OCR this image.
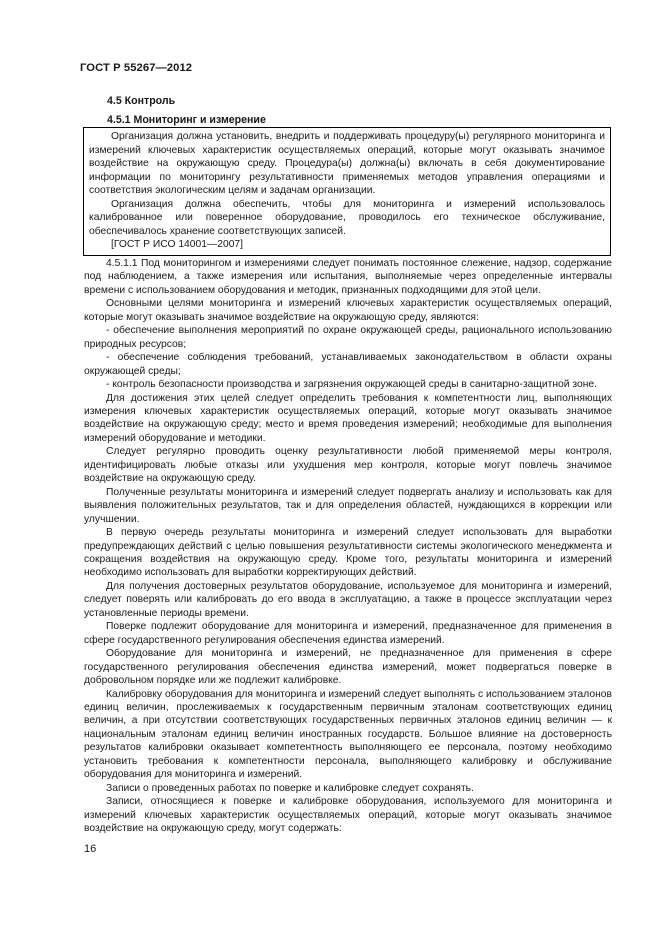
ГОСТ Р 55267—2012
4.5 Контроль
4.5.1 Мониторинг и измерение

Организация должна установить, внедрить и поддерживать процедуру(ы) регулярного мониторинга и измерений ключевых характеристик осуществляемых операций, которые могут оказывать значимое воздействие на окружающую среду. Процедура(ы) должна(ы) включать в себя документирование информации по мониторингу результативности применяемых методов управления операциями и соответствия экологическим целям и задачам организации.

Организация должна обеспечить, чтобы для мониторинга и измерений использовалось калиброванное или поверенное оборудование, проводилось его техническое обслуживание, обеспечивалось хранение соответствующих записей.

[ГОСТ Р ИСО 14001—2007]

4.5.1.1 Под мониторингом и измерениями следует понимать постоянное слежение, надзор, содержание под наблюдением, а также измерения или испытания, выполняемые через определенные интервалы времени с использованием оборудования и методик, признанных подходящими для этой цели.

Основными целями мониторинга и измерений ключевых характеристик осуществляемых операций, которые могут оказывать значимое воздействие на окружающую среду, являются:

- обеспечение выполнения мероприятий по охране окружающей среды, рационального использованию природных ресурсов;

- обеспечение соблюдения требований, устанавливаемых законодательством в области охраны окружающей среды;

- контроль безопасности производства и загрязнения окружающей среды в санитарно-защитной зоне.

Для достижения этих целей следует определить требования к компетентности лиц, выполняющих измерения ключевых характеристик осуществляемых операций, которые могут оказывать значимое воздействие на окружающую среду; место и время проведения измерений; необходимые для выполнения измерений оборудование и методики.

Следует регулярно проводить оценку результативности любой применяемой меры контроля, идентифицировать любые отказы или ухудшения мер контроля, которые могут повлечь значимое воздействие на окружающую среду.

Полученные результаты мониторинга и измерений следует подвергать анализу и использовать как для выявления положительных результатов, так и для определения областей, нуждающихся в коррекции или улучшении.

В первую очередь результаты мониторинга и измерений следует использовать для выработки предупреждающих действий с целью повышения результативности системы экологического менеджмента и сокращения воздействия на окружающую среду. Кроме того, результаты мониторинга и измерений необходимо использовать для выработки корректирующих действий.

Для получения достоверных результатов оборудование, используемое для мониторинга и измерений, следует поверять или калибровать до его ввода в эксплуатацию, а также в процессе эксплуатации через установленные периоды времени.

Поверке подлежит оборудование для мониторинга и измерений, предназначенное для применения в сфере государственного регулирования обеспечения единства измерений.

Оборудование для мониторинга и измерений, не предназначенное для применения в сфере государственного регулирования обеспечения единства измерений, может подвергаться поверке в добровольном порядке или же подлежит калибровке.

Калибровку оборудования для мониторинга и измерений следует выполнять с использованием эталонов единиц величин, прослеживаемых к государственным первичным эталонам соответствующих единиц величин, а при отсутствии соответствующих государственных первичных эталонов единиц величин — к национальным эталонам единиц величин иностранных государств. Большое влияние на достоверность результатов калибровки оказывает компетентность выполняющего ее персонала, поэтому необходимо установить требования к компетентности персонала, выполняющего калибровку и обслуживание оборудования для мониторинга и измерений.

Записи о проведенных работах по поверке и калибровке следует сохранять.

Записи, относящиеся к поверке и калибровке оборудования, используемого для мониторинга и измерений ключевых характеристик осуществляемых операций, которые могут оказывать значимое воздействие на окружающую среду, могут содержать:

16
